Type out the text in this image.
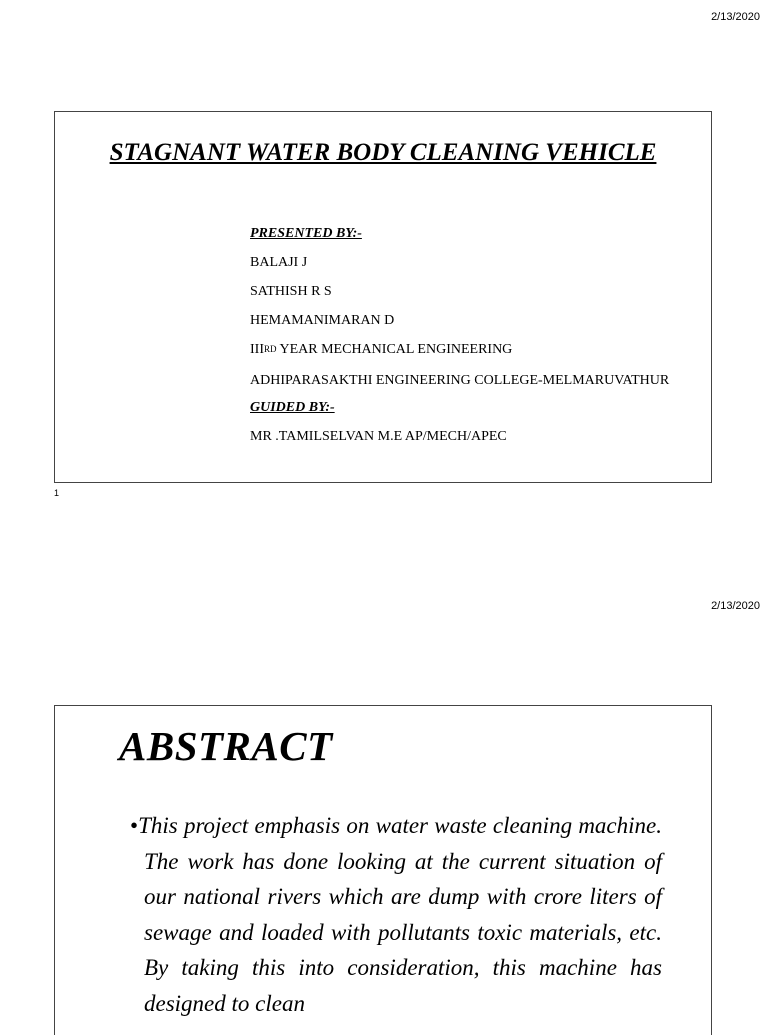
2/13/2020
STAGNANT WATER BODY CLEANING VEHICLE
PRESENTED BY:-
BALAJI J
SATHISH R S
HEMAMANIMARAN D
IIIRD YEAR MECHANICAL ENGINEERING
ADHIPARASAKTHI ENGINEERING COLLEGE-MELMARUVATHUR
GUIDED BY:-
MR .TAMILSELVAN M.E AP/MECH/APEC
1
2/13/2020
ABSTRACT
•This project emphasis on water waste cleaning machine. The work has done looking at the current situation of our national rivers which are dump with crore liters of sewage and loaded with pollutants toxic materials, etc. By taking this into consideration, this machine has designed to clean
